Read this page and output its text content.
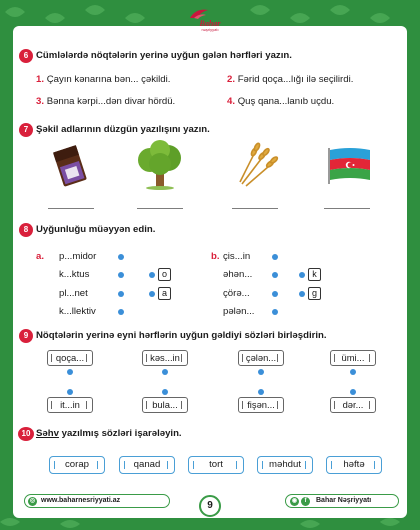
Bahar
nəşriyyatı
6 Cümlələrdə nöqtələrin yerinə uyğun gələn hərfləri yazın.
1. Çayın kənarına bən... çəkildi.	2. Fərid qoça...lığı ilə seçilirdi.
3. Bənna kərpi...dən divar hördü.	4. Quş qana...lanıb uçdu.
7 Şəkil adlarının düzgün yazılışını yazın.
8 Uyğunluğu müəyyən edin.
a. p...midor
k...ktus
pl...net
k...llektiv
o
a
b. çis...in
əhən...
çörə...
pələn...
k
g
9 Nöqtələrin yerinə eyni hərflərin uyğun gəldiyi sözləri birləşdirin.
qoça...	kəs...in	çələn...	ümi...
it...in	bula...	fişən...	dər...
10 Səhv yazılmış sözləri işarələyin.
corap	qanad	tort	məhdut	həftə
◎ www.baharnesriyyati.az	9	◉	f	Bahar Nəşriyyatı
